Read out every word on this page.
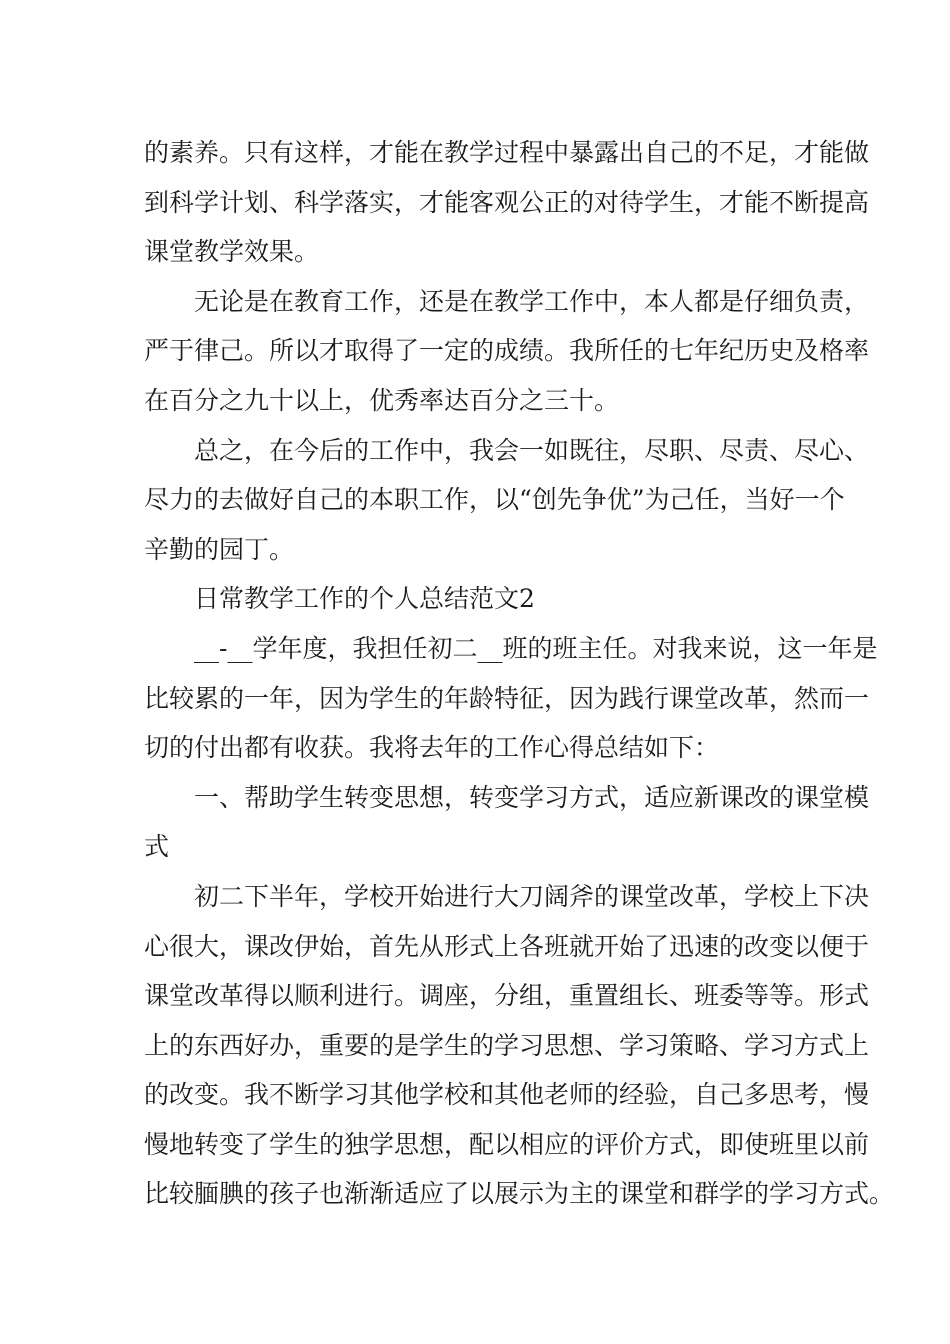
的素养。只有这样，才能在教学过程中暴露出自己的不足，才能做
到科学计划、科学落实，才能客观公正的对待学生，才能不断提高
课堂教学效果。

无论是在教育工作，还是在教学工作中，本人都是仔细负责，
严于律己。所以才取得了一定的成绩。我所任的七年纪历史及格率
在百分之九十以上，优秀率达百分之三十。

总之，在今后的工作中，我会一如既往，尽职、尽责、尽心、
尽力的去做好自己的本职工作，以“创先争优”为己任，当好一个
辛勤的园丁。

日常教学工作的个人总结范文2

__-__学年度，我担任初二__班的班主任。对我来说，这一年是
比较累的一年，因为学生的年龄特征，因为践行课堂改革，然而一
切的付出都有收获。我将去年的工作心得总结如下：

一、帮助学生转变思想，转变学习方式，适应新课改的课堂模
式

初二下半年，学校开始进行大刀阔斧的课堂改革，学校上下决
心很大，课改伊始，首先从形式上各班就开始了迅速的改变以便于
课堂改革得以顺利进行。调座，分组，重置组长、班委等等。形式
上的东西好办，重要的是学生的学习思想、学习策略、学习方式上
的改变。我不断学习其他学校和其他老师的经验，自己多思考，慢
慢地转变了学生的独学思想，配以相应的评价方式，即使班里以前
比较腼腆的孩子也渐渐适应了以展示为主的课堂和群学的学习方式。
